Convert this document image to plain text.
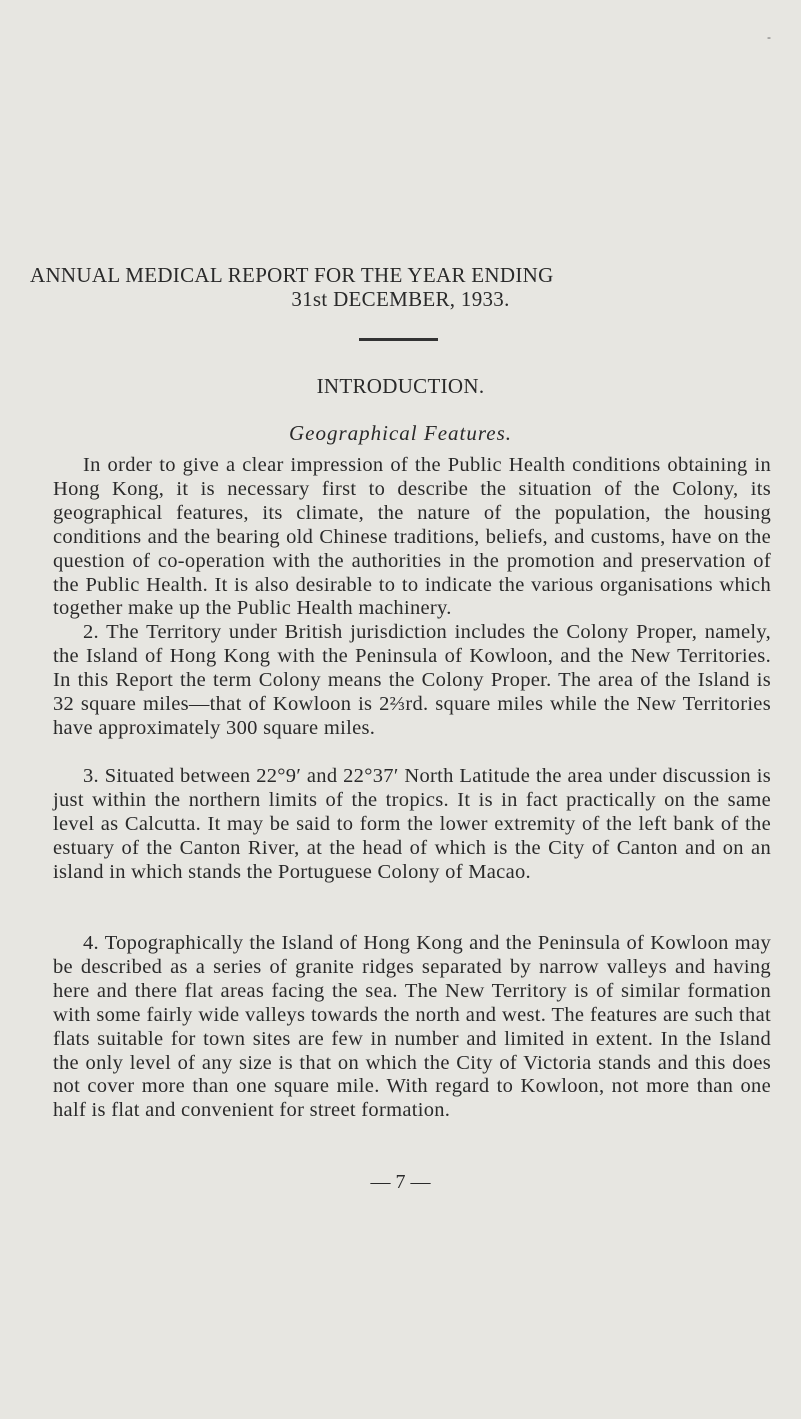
-
ANNUAL MEDICAL REPORT FOR THE YEAR ENDING
31st DECEMBER, 1933.
INTRODUCTION.
Geographical Features.
In order to give a clear impression of the Public Health conditions obtaining in Hong Kong, it is necessary first to describe the situation of the Colony, its geographical features, its climate, the nature of the population, the housing conditions and the bearing old Chinese traditions, beliefs, and customs, have on the question of co-operation with the authorities in the promotion and preservation of the Public Health. It is also desirable to to indicate the various organisations which together make up the Public Health machinery.
2. The Territory under British jurisdiction includes the Colony Proper, namely, the Island of Hong Kong with the Peninsula of Kowloon, and the New Territories. In this Report the term Colony means the Colony Proper. The area of the Island is 32 square miles—that of Kowloon is 2⅔rd. square miles while the New Territories have approximately 300 square miles.
3. Situated between 22°9′ and 22°37′ North Latitude the area under discussion is just within the northern limits of the tropics. It is in fact practically on the same level as Calcutta. It may be said to form the lower extremity of the left bank of the estuary of the Canton River, at the head of which is the City of Canton and on an island in which stands the Portuguese Colony of Macao.
4. Topographically the Island of Hong Kong and the Peninsula of Kowloon may be described as a series of granite ridges separated by narrow valleys and having here and there flat areas facing the sea. The New Territory is of similar formation with some fairly wide valleys towards the north and west. The features are such that flats suitable for town sites are few in number and limited in extent. In the Island the only level of any size is that on which the City of Victoria stands and this does not cover more than one square mile. With regard to Kowloon, not more than one half is flat and convenient for street formation.
— 7 —
